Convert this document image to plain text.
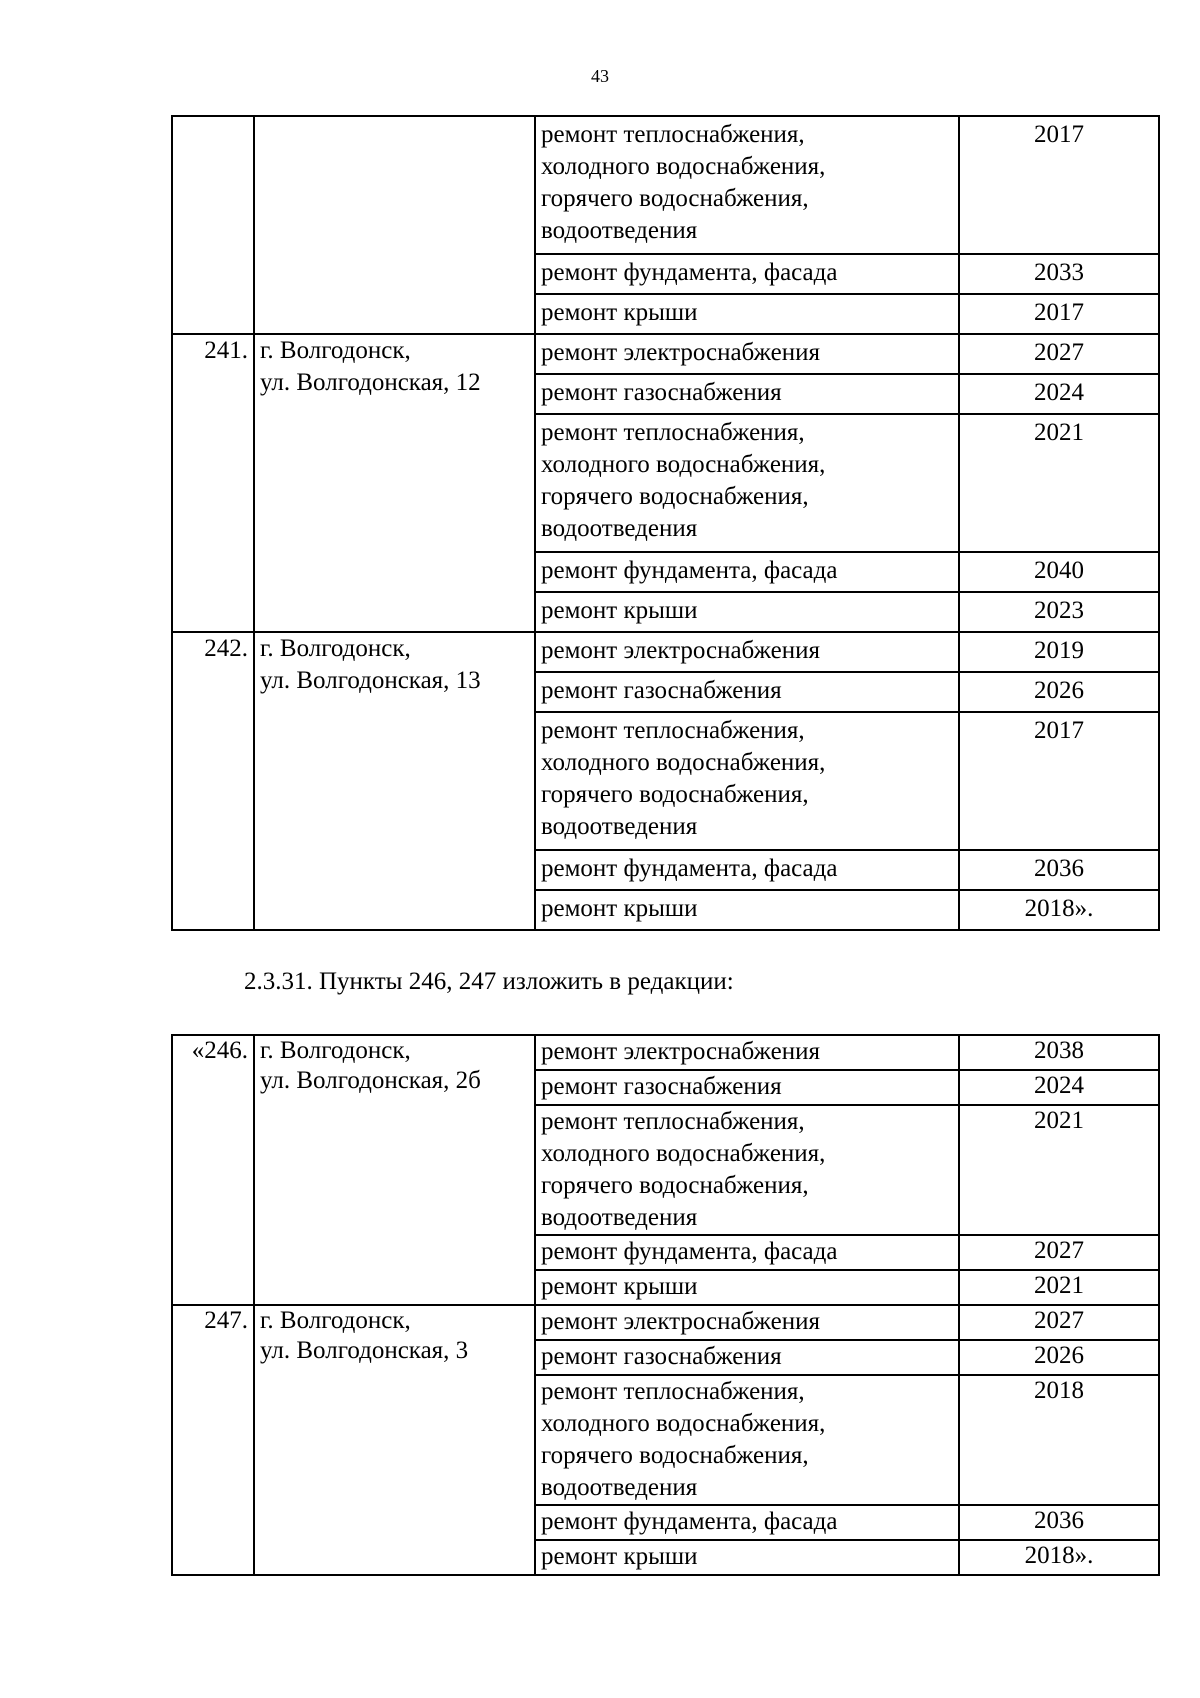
43
		ремонт теплоснабжения,
холодного водоснабжения,
горячего водоснабжения,
водоотведения	2017
		ремонт фундамента, фасада	2033
		ремонт крыши	2017
241.	г. Волгодонск,
ул. Волгодонская, 12	ремонт электроснабжения	2027
		ремонт газоснабжения	2024
		ремонт теплоснабжения,
холодного водоснабжения,
горячего водоснабжения,
водоотведения	2021
		ремонт фундамента, фасада	2040
		ремонт крыши	2023
242.	г. Волгодонск,
ул. Волгодонская, 13	ремонт электроснабжения	2019
		ремонт газоснабжения	2026
		ремонт теплоснабжения,
холодного водоснабжения,
горячего водоснабжения,
водоотведения	2017
		ремонт фундамента, фасада	2036
		ремонт крыши	2018».
2.3.31. Пункты 246, 247 изложить в редакции:
«246.	г. Волгодонск,
ул. Волгодонская, 2б	ремонт электроснабжения	2038
		ремонт газоснабжения	2024
		ремонт теплоснабжения,
холодного водоснабжения,
горячего водоснабжения,
водоотведения	2021
		ремонт фундамента, фасада	2027
		ремонт крыши	2021
247.	г. Волгодонск,
ул. Волгодонская, 3	ремонт электроснабжения	2027
		ремонт газоснабжения	2026
		ремонт теплоснабжения,
холодного водоснабжения,
горячего водоснабжения,
водоотведения	2018
		ремонт фундамента, фасада	2036
		ремонт крыши	2018».
